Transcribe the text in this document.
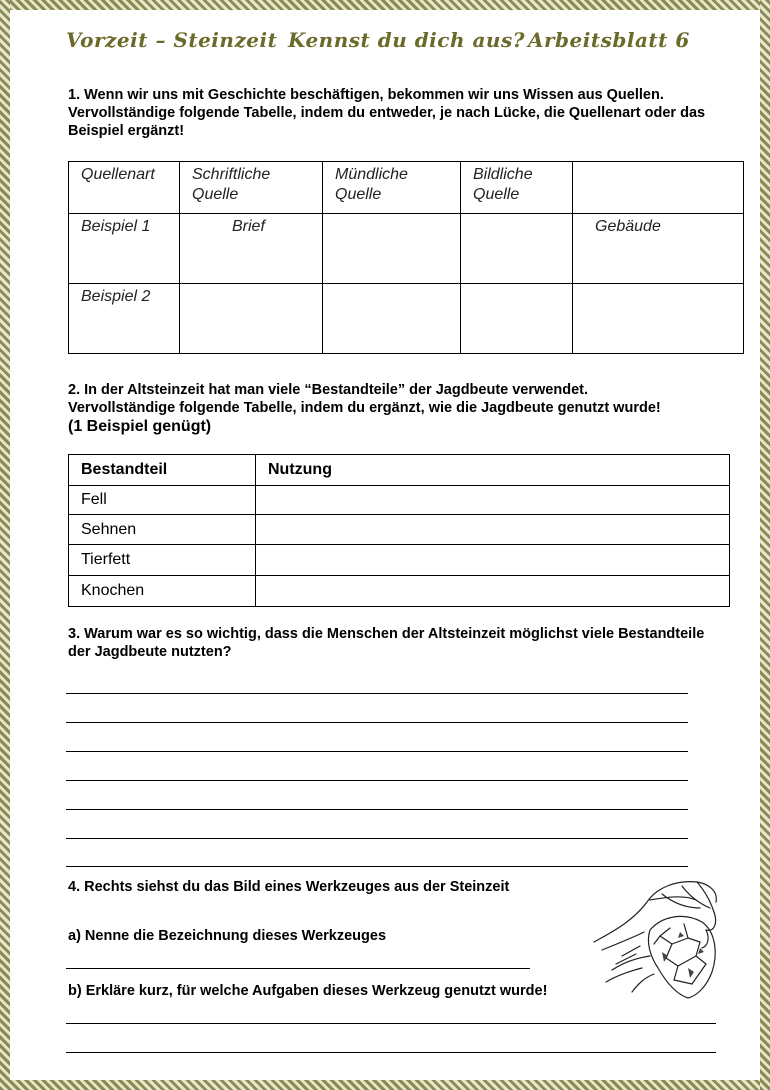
Vorzeit – Steinzeit Kennst du dich aus? Arbeitsblatt 6
1. Wenn wir uns mit Geschichte beschäftigen, bekommen wir uns Wissen aus Quellen. Vervollständige folgende Tabelle, indem du entweder, je nach Lücke, die Quellenart oder das Beispiel ergänzt!
Quellenart	Schriftliche Quelle	Mündliche Quelle	Bildliche Quelle	
Beispiel 1	Brief			Gebäude
Beispiel 2				
2. In der Altsteinzeit hat man viele “Bestandteile” der Jagdbeute verwendet.
Vervollständige folgende Tabelle, indem du ergänzt, wie die Jagdbeute genutzt wurde!
(1 Beispiel genügt)
Bestandteil	Nutzung
Fell	
Sehnen	
Tierfett	
Knochen	
3. Warum war es so wichtig, dass die Menschen der Altsteinzeit möglichst viele Bestandteile der Jagdbeute nutzten?
4. Rechts siehst du das Bild eines Werkzeuges aus der Steinzeit
a) Nenne die Bezeichnung dieses Werkzeuges
b) Erkläre kurz, für welche Aufgaben dieses Werkzeug genutzt wurde!
